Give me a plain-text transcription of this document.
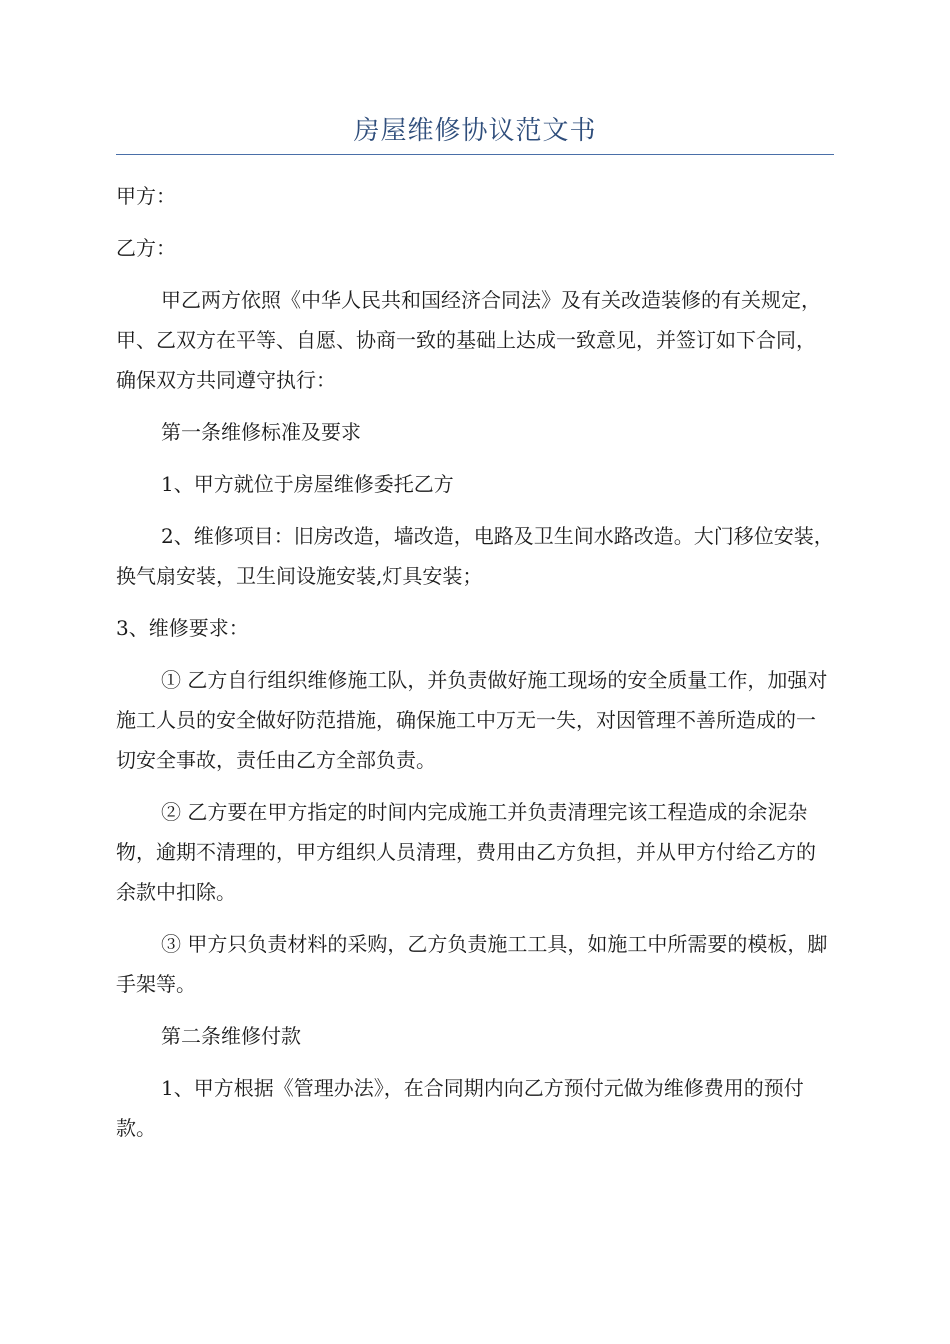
房屋维修协议范文书

甲方：

乙方：

甲乙两方依照《中华人民共和国经济合同法》及有关改造装修的有关规定，甲、乙双方在平等、自愿、协商一致的基础上达成一致意见，并签订如下合同，确保双方共同遵守执行：

第一条维修标准及要求

1、甲方就位于房屋维修委托乙方

2、维修项目：旧房改造，墙改造，电路及卫生间水路改造。大门移位安装，换气扇安装，卫生间设施安装,灯具安装；

3、维修要求：

① 乙方自行组织维修施工队，并负责做好施工现场的安全质量工作，加强对施工人员的安全做好防范措施，确保施工中万无一失，对因管理不善所造成的一切安全事故，责任由乙方全部负责。

② 乙方要在甲方指定的时间内完成施工并负责清理完该工程造成的余泥杂物，逾期不清理的，甲方组织人员清理，费用由乙方负担，并从甲方付给乙方的余款中扣除。

③ 甲方只负责材料的采购，乙方负责施工工具，如施工中所需要的模板，脚手架等。

第二条维修付款

1、甲方根据《管理办法》，在合同期内向乙方预付元做为维修费用的预付款。
